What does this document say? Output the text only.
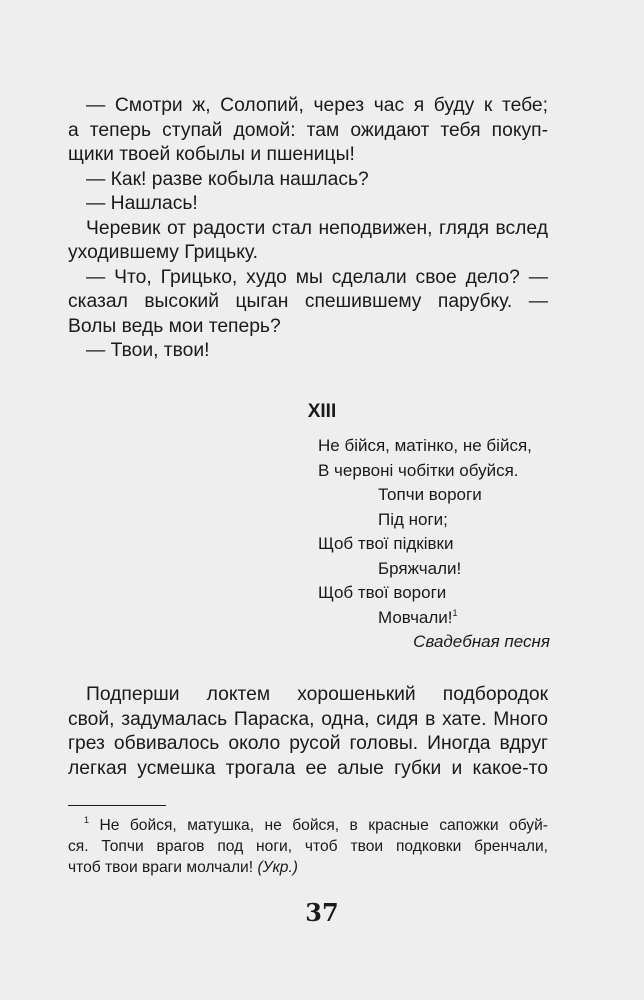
— Смотри ж, Солопий, через час я буду к тебе;
а теперь ступай домой: там ожидают тебя покуп-
щики твоей кобылы и пшеницы!
— Как! разве кобыла нашлась?
— Нашлась!
Черевик от радости стал неподвижен, глядя вслед
уходившему Грицьку.
— Что, Грицько, худо мы сделали свое дело? —
сказал высокий цыган спешившему парубку. —
Волы ведь мои теперь?
— Твои, твои!
XIII
Не бійся, матінко, не бійся,
В червоні чобітки обуйся.
Топчи вороги
Під ноги;
Щоб твої підківки
Бряжчали!
Щоб твої вороги
Мовчали!$^1$
Свадебная песня
Подперши локтем хорошенький подбородок
свой, задумалась Параска, одна, сидя в хате. Много
грез обвивалось около русой головы. Иногда вдруг
легкая усмешка трогала ее алые губки и какое-то
$^1$ Не бойся, матушка, не бойся, в красные сапожки обуй-
ся. Топчи врагов под ноги, чтоб твои подковки бренчали,
чтоб твои враги молчали! (Укр.)
37
